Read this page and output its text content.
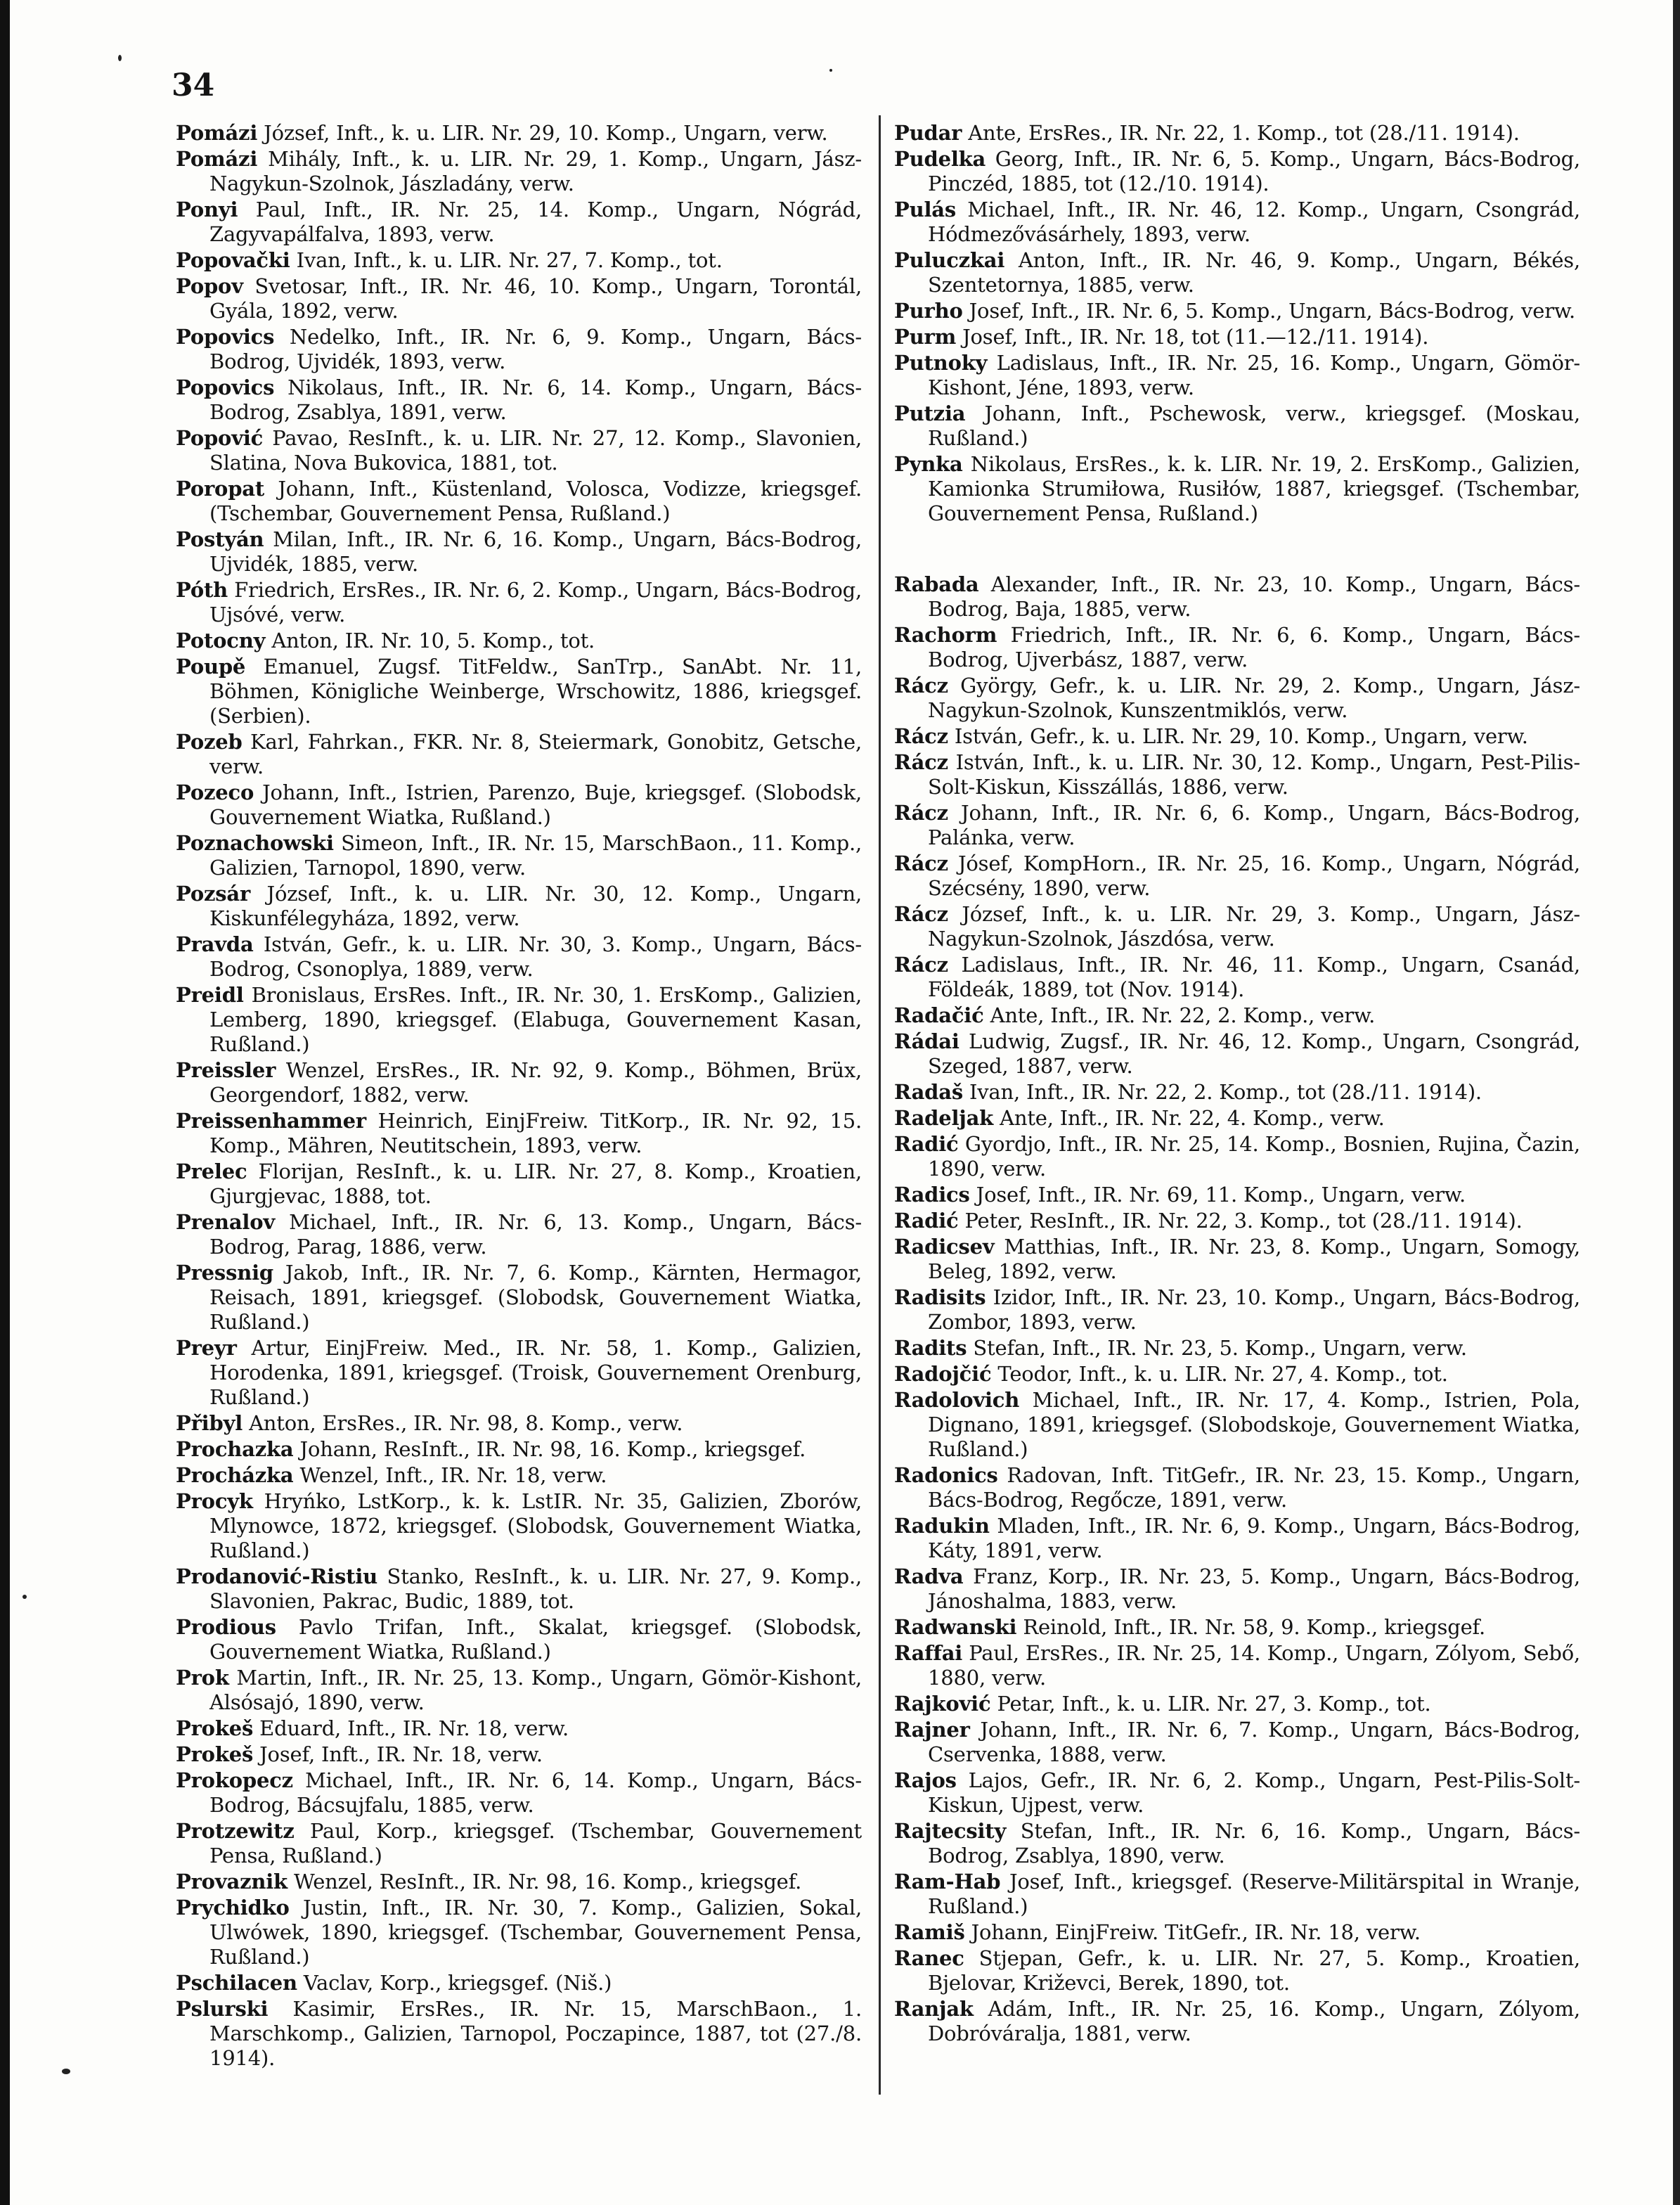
34
Pomázi József, Inft., k. u. LIR. Nr. 29, 10. Komp., Ungarn, verw.
Pomázi Mihály, Inft., k. u. LIR. Nr. 29, 1. Komp., Ungarn, Jász-Nagykun-Szolnok, Jászladány, verw.
Ponyi Paul, Inft., IR. Nr. 25, 14. Komp., Ungarn, Nógrád, Zagyvapálfalva, 1893, verw.
Popovački Ivan, Inft., k. u. LIR. Nr. 27, 7. Komp., tot.
Popov Svetosar, Inft., IR. Nr. 46, 10. Komp., Ungarn, Torontál, Gyála, 1892, verw.
Popovics Nedelko, Inft., IR. Nr. 6, 9. Komp., Ungarn, Bács-Bodrog, Ujvidék, 1893, verw.
Popovics Nikolaus, Inft., IR. Nr. 6, 14. Komp., Ungarn, Bács-Bodrog, Zsablya, 1891, verw.
Popović Pavao, ResInft., k. u. LIR. Nr. 27, 12. Komp., Slavonien, Slatina, Nova Bukovica, 1881, tot.
Poropat Johann, Inft., Küstenland, Volosca, Vodizze, kriegsgef. (Tschembar, Gouvernement Pensa, Rußland.)
Postyán Milan, Inft., IR. Nr. 6, 16. Komp., Ungarn, Bács-Bodrog, Ujvidék, 1885, verw.
Póth Friedrich, ErsRes., IR. Nr. 6, 2. Komp., Ungarn, Bács-Bodrog, Ujsóvé, verw.
Potocny Anton, IR. Nr. 10, 5. Komp., tot.
Poupě Emanuel, Zugsf. TitFeldw., SanTrp., SanAbt. Nr. 11, Böhmen, Königliche Weinberge, Wrschowitz, 1886, kriegsgef. (Serbien).
Pozeb Karl, Fahrkan., FKR. Nr. 8, Steiermark, Gonobitz, Getsche, verw.
Pozeco Johann, Inft., Istrien, Parenzo, Buje, kriegsgef. (Slobodsk, Gouvernement Wiatka, Rußland.)
Poznachowski Simeon, Inft., IR. Nr. 15, MarschBaon., 11. Komp., Galizien, Tarnopol, 1890, verw.
Pozsár József, Inft., k. u. LIR. Nr. 30, 12. Komp., Ungarn, Kiskunfélegyháza, 1892, verw.
Pravda István, Gefr., k. u. LIR. Nr. 30, 3. Komp., Ungarn, Bács-Bodrog, Csonoplya, 1889, verw.
Preidl Bronislaus, ErsRes. Inft., IR. Nr. 30, 1. ErsKomp., Galizien, Lemberg, 1890, kriegsgef. (Elabuga, Gouvernement Kasan, Rußland.)
Preissler Wenzel, ErsRes., IR. Nr. 92, 9. Komp., Böhmen, Brüx, Georgendorf, 1882, verw.
Preissenhammer Heinrich, EinjFreiw. TitKorp., IR. Nr. 92, 15. Komp., Mähren, Neutitschein, 1893, verw.
Prelec Florijan, ResInft., k. u. LIR. Nr. 27, 8. Komp., Kroatien, Gjurgjevac, 1888, tot.
Prenalov Michael, Inft., IR. Nr. 6, 13. Komp., Ungarn, Bács-Bodrog, Parag, 1886, verw.
Pressnig Jakob, Inft., IR. Nr. 7, 6. Komp., Kärnten, Hermagor, Reisach, 1891, kriegsgef. (Slobodsk, Gouvernement Wiatka, Rußland.)
Preyr Artur, EinjFreiw. Med., IR. Nr. 58, 1. Komp., Galizien, Horodenka, 1891, kriegsgef. (Troisk, Gouvernement Orenburg, Rußland.)
Přibyl Anton, ErsRes., IR. Nr. 98, 8. Komp., verw.
Prochazka Johann, ResInft., IR. Nr. 98, 16. Komp., kriegsgef.
Procházka Wenzel, Inft., IR. Nr. 18, verw.
Procyk Hryńko, LstKorp., k. k. LstIR. Nr. 35, Galizien, Zborów, Mlynowce, 1872, kriegsgef. (Slobodsk, Gouvernement Wiatka, Rußland.)
Prodanović-Ristiu Stanko, ResInft., k. u. LIR. Nr. 27, 9. Komp., Slavonien, Pakrac, Budic, 1889, tot.
Prodious Pavlo Trifan, Inft., Skalat, kriegsgef. (Slobodsk, Gouvernement Wiatka, Rußland.)
Prok Martin, Inft., IR. Nr. 25, 13. Komp., Ungarn, Gömör-Kishont, Alsósajó, 1890, verw.
Prokeš Eduard, Inft., IR. Nr. 18, verw.
Prokeš Josef, Inft., IR. Nr. 18, verw.
Prokopecz Michael, Inft., IR. Nr. 6, 14. Komp., Ungarn, Bács-Bodrog, Bácsujfalu, 1885, verw.
Protzewitz Paul, Korp., kriegsgef. (Tschembar, Gouvernement Pensa, Rußland.)
Provaznik Wenzel, ResInft., IR. Nr. 98, 16. Komp., kriegsgef.
Prychidko Justin, Inft., IR. Nr. 30, 7. Komp., Galizien, Sokal, Ulwówek, 1890, kriegsgef. (Tschembar, Gouvernement Pensa, Rußland.)
Pschilacen Vaclav, Korp., kriegsgef. (Niš.)
Pslurski Kasimir, ErsRes., IR. Nr. 15, MarschBaon., 1. Marschkomp., Galizien, Tarnopol, Poczapince, 1887, tot (27./8. 1914).
Pudar Ante, ErsRes., IR. Nr. 22, 1. Komp., tot (28./11. 1914).
Pudelka Georg, Inft., IR. Nr. 6, 5. Komp., Ungarn, Bács-Bodrog, Pinczéd, 1885, tot (12./10. 1914).
Pulás Michael, Inft., IR. Nr. 46, 12. Komp., Ungarn, Csongrád, Hódmezővásárhely, 1893, verw.
Puluczkai Anton, Inft., IR. Nr. 46, 9. Komp., Ungarn, Békés, Szentetornya, 1885, verw.
Purho Josef, Inft., IR. Nr. 6, 5. Komp., Ungarn, Bács-Bodrog, verw.
Purm Josef, Inft., IR. Nr. 18, tot (11.—12./11. 1914).
Putnoky Ladislaus, Inft., IR. Nr. 25, 16. Komp., Ungarn, Gömör-Kishont, Jéne, 1893, verw.
Putzia Johann, Inft., Pschewosk, verw., kriegsgef. (Moskau, Rußland.)
Pynka Nikolaus, ErsRes., k. k. LIR. Nr. 19, 2. ErsKomp., Galizien, Kamionka Strumiłowa, Rusiłów, 1887, kriegsgef. (Tschembar, Gouvernement Pensa, Rußland.)
Rabada Alexander, Inft., IR. Nr. 23, 10. Komp., Ungarn, Bács-Bodrog, Baja, 1885, verw.
Rachorm Friedrich, Inft., IR. Nr. 6, 6. Komp., Ungarn, Bács-Bodrog, Ujverbász, 1887, verw.
Rácz György, Gefr., k. u. LIR. Nr. 29, 2. Komp., Ungarn, Jász-Nagykun-Szolnok, Kunszentmiklós, verw.
Rácz István, Gefr., k. u. LIR. Nr. 29, 10. Komp., Ungarn, verw.
Rácz István, Inft., k. u. LIR. Nr. 30, 12. Komp., Ungarn, Pest-Pilis-Solt-Kiskun, Kisszállás, 1886, verw.
Rácz Johann, Inft., IR. Nr. 6, 6. Komp., Ungarn, Bács-Bodrog, Palánka, verw.
Rácz Jósef, KompHorn., IR. Nr. 25, 16. Komp., Ungarn, Nógrád, Szécsény, 1890, verw.
Rácz József, Inft., k. u. LIR. Nr. 29, 3. Komp., Ungarn, Jász-Nagykun-Szolnok, Jászdósa, verw.
Rácz Ladislaus, Inft., IR. Nr. 46, 11. Komp., Ungarn, Csanád, Földeák, 1889, tot (Nov. 1914).
Radačić Ante, Inft., IR. Nr. 22, 2. Komp., verw.
Rádai Ludwig, Zugsf., IR. Nr. 46, 12. Komp., Ungarn, Csongrád, Szeged, 1887, verw.
Radaš Ivan, Inft., IR. Nr. 22, 2. Komp., tot (28./11. 1914).
Radeljak Ante, Inft., IR. Nr. 22, 4. Komp., verw.
Radić Gyordjo, Inft., IR. Nr. 25, 14. Komp., Bosnien, Rujina, Čazin, 1890, verw.
Radics Josef, Inft., IR. Nr. 69, 11. Komp., Ungarn, verw.
Radić Peter, ResInft., IR. Nr. 22, 3. Komp., tot (28./11. 1914).
Radicsev Matthias, Inft., IR. Nr. 23, 8. Komp., Ungarn, Somogy, Beleg, 1892, verw.
Radisits Izidor, Inft., IR. Nr. 23, 10. Komp., Ungarn, Bács-Bodrog, Zombor, 1893, verw.
Radits Stefan, Inft., IR. Nr. 23, 5. Komp., Ungarn, verw.
Radojčić Teodor, Inft., k. u. LIR. Nr. 27, 4. Komp., tot.
Radolovich Michael, Inft., IR. Nr. 17, 4. Komp., Istrien, Pola, Dignano, 1891, kriegsgef. (Slobodskoje, Gouvernement Wiatka, Rußland.)
Radonics Radovan, Inft. TitGefr., IR. Nr. 23, 15. Komp., Ungarn, Bács-Bodrog, Regőcze, 1891, verw.
Radukin Mladen, Inft., IR. Nr. 6, 9. Komp., Ungarn, Bács-Bodrog, Káty, 1891, verw.
Radva Franz, Korp., IR. Nr. 23, 5. Komp., Ungarn, Bács-Bodrog, Jánoshalma, 1883, verw.
Radwanski Reinold, Inft., IR. Nr. 58, 9. Komp., kriegsgef.
Raffai Paul, ErsRes., IR. Nr. 25, 14. Komp., Ungarn, Zólyom, Sebő, 1880, verw.
Rajković Petar, Inft., k. u. LIR. Nr. 27, 3. Komp., tot.
Rajner Johann, Inft., IR. Nr. 6, 7. Komp., Ungarn, Bács-Bodrog, Cservenka, 1888, verw.
Rajos Lajos, Gefr., IR. Nr. 6, 2. Komp., Ungarn, Pest-Pilis-Solt-Kiskun, Ujpest, verw.
Rajtecsity Stefan, Inft., IR. Nr. 6, 16. Komp., Ungarn, Bács-Bodrog, Zsablya, 1890, verw.
Ram-Hab Josef, Inft., kriegsgef. (Reserve-Militärspital in Wranje, Rußland.)
Ramiš Johann, EinjFreiw. TitGefr., IR. Nr. 18, verw.
Ranec Stjepan, Gefr., k. u. LIR. Nr. 27, 5. Komp., Kroatien, Bjelovar, Križevci, Berek, 1890, tot.
Ranjak Adám, Inft., IR. Nr. 25, 16. Komp., Ungarn, Zólyom, Dobróváralja, 1881, verw.
